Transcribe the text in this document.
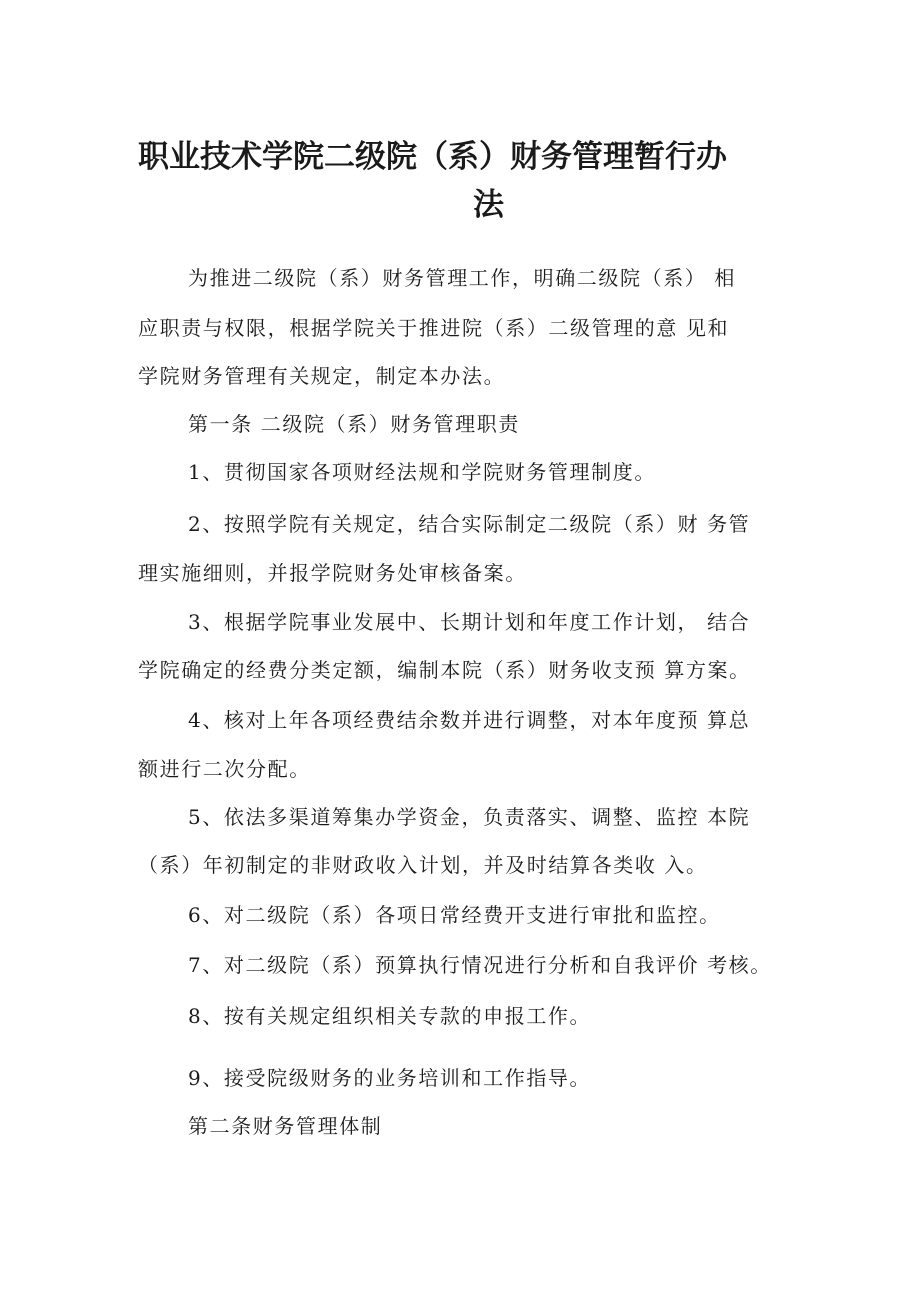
职业技术学院二级院（系）财务管理暂行办
法
为推进二级院（系）财务管理工作，明确二级院（系） 相
应职责与权限，根据学院关于推进院（系）二级管理的意 见和
学院财务管理有关规定，制定本办法。
第一条 二级院（系）财务管理职责
1、贯彻国家各项财经法规和学院财务管理制度。
2、按照学院有关规定，结合实际制定二级院（系）财 务管
理实施细则，并报学院财务处审核备案。
3、根据学院事业发展中、长期计划和年度工作计划， 结合
学院确定的经费分类定额，编制本院（系）财务收支预 算方案。
4、核对上年各项经费结余数并进行调整，对本年度预 算总
额进行二次分配。
5、依法多渠道筹集办学资金，负责落实、调整、监控 本院
（系）年初制定的非财政收入计划，并及时结算各类收 入。
6、对二级院（系）各项日常经费开支进行审批和监控。
7、对二级院（系）预算执行情况进行分析和自我评价 考核。
8、按有关规定组织相关专款的申报工作。
9、接受院级财务的业务培训和工作指导。
第二条财务管理体制
